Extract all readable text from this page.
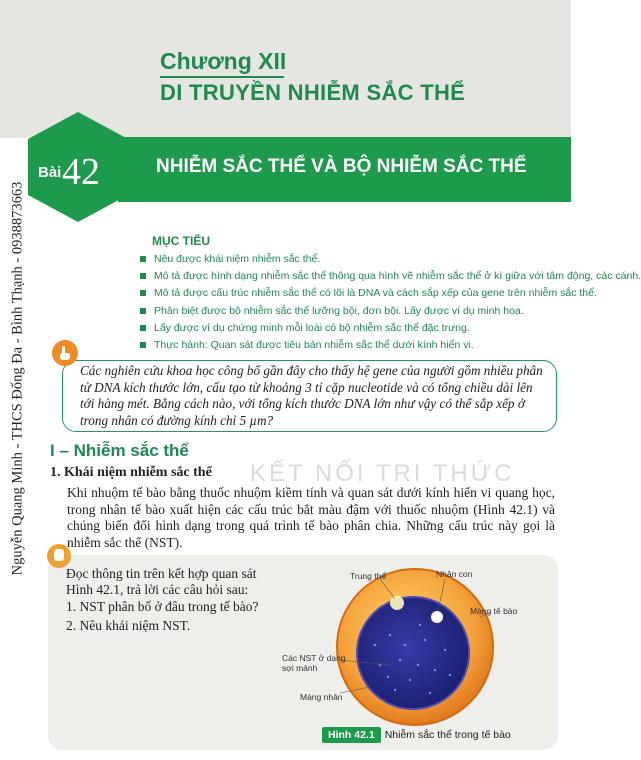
Chương XII
DI TRUYỀN NHIỄM SẮC THỂ
Bài 42	NHIỄM SẮC THỂ VÀ BỘ NHIỄM SẮC THỂ
Nguyễn Quang Minh - THCS Đống Đa - Bình Thạnh - 0938873663	MỤC TIÊU
Nêu được khái niệm nhiễm sắc thể.
Mô tả được hình dạng nhiễm sắc thể thông qua hình vẽ nhiễm sắc thể ở kì giữa với tâm động, các cánh.
Mô tả được cấu trúc nhiễm sắc thể có lõi là DNA và cách sắp xếp của gene trên nhiễm sắc thể.
Phân biệt được bộ nhiễm sắc thể lưỡng bội, đơn bội. Lấy được ví dụ minh hoạ.
Lấy được ví dụ chứng minh mỗi loài có bộ nhiễm sắc thể đặc trưng.
Thực hành: Quan sát được tiêu bản nhiễm sắc thể dưới kính hiển vi.
Các nghiên cứu khoa học công bố gần đây cho thấy hệ gene của người gồm nhiều phân tử DNA kích thước lớn, cấu tạo từ khoảng 3 tỉ cặp nucleotide và có tổng chiều dài lên tới hàng mét. Bằng cách nào, với tổng kích thước DNA lớn như vậy có thể sắp xếp ở trong nhân có đường kính chỉ 5 µm?
KẾT NỐI TRI THỨC
I – Nhiễm sắc thể
1. Khái niệm nhiễm sắc thể
Khi nhuộm tế bào bằng thuốc nhuộm kiềm tính và quan sát dưới kính hiển vi quang học, trong nhân tế bào xuất hiện các cấu trúc bắt màu đậm với thuốc nhuộm (Hình 42.1) và chúng biến đổi hình dạng trong quá trình tế bào phân chia. Những cấu trúc này gọi là nhiễm sắc thể (NST).
Đọc thông tin trên kết hợp quan sát Hình 42.1, trả lời các câu hỏi sau:
1. NST phân bố ở đâu trong tế bào?
2. Nêu khái niệm NST.
Trung thể	Nhân con
Màng tế bào
Các NST ở dạng
sợi mảnh
Màng nhân
Hình 42.1 Nhiễm sắc thể trong tế bào
